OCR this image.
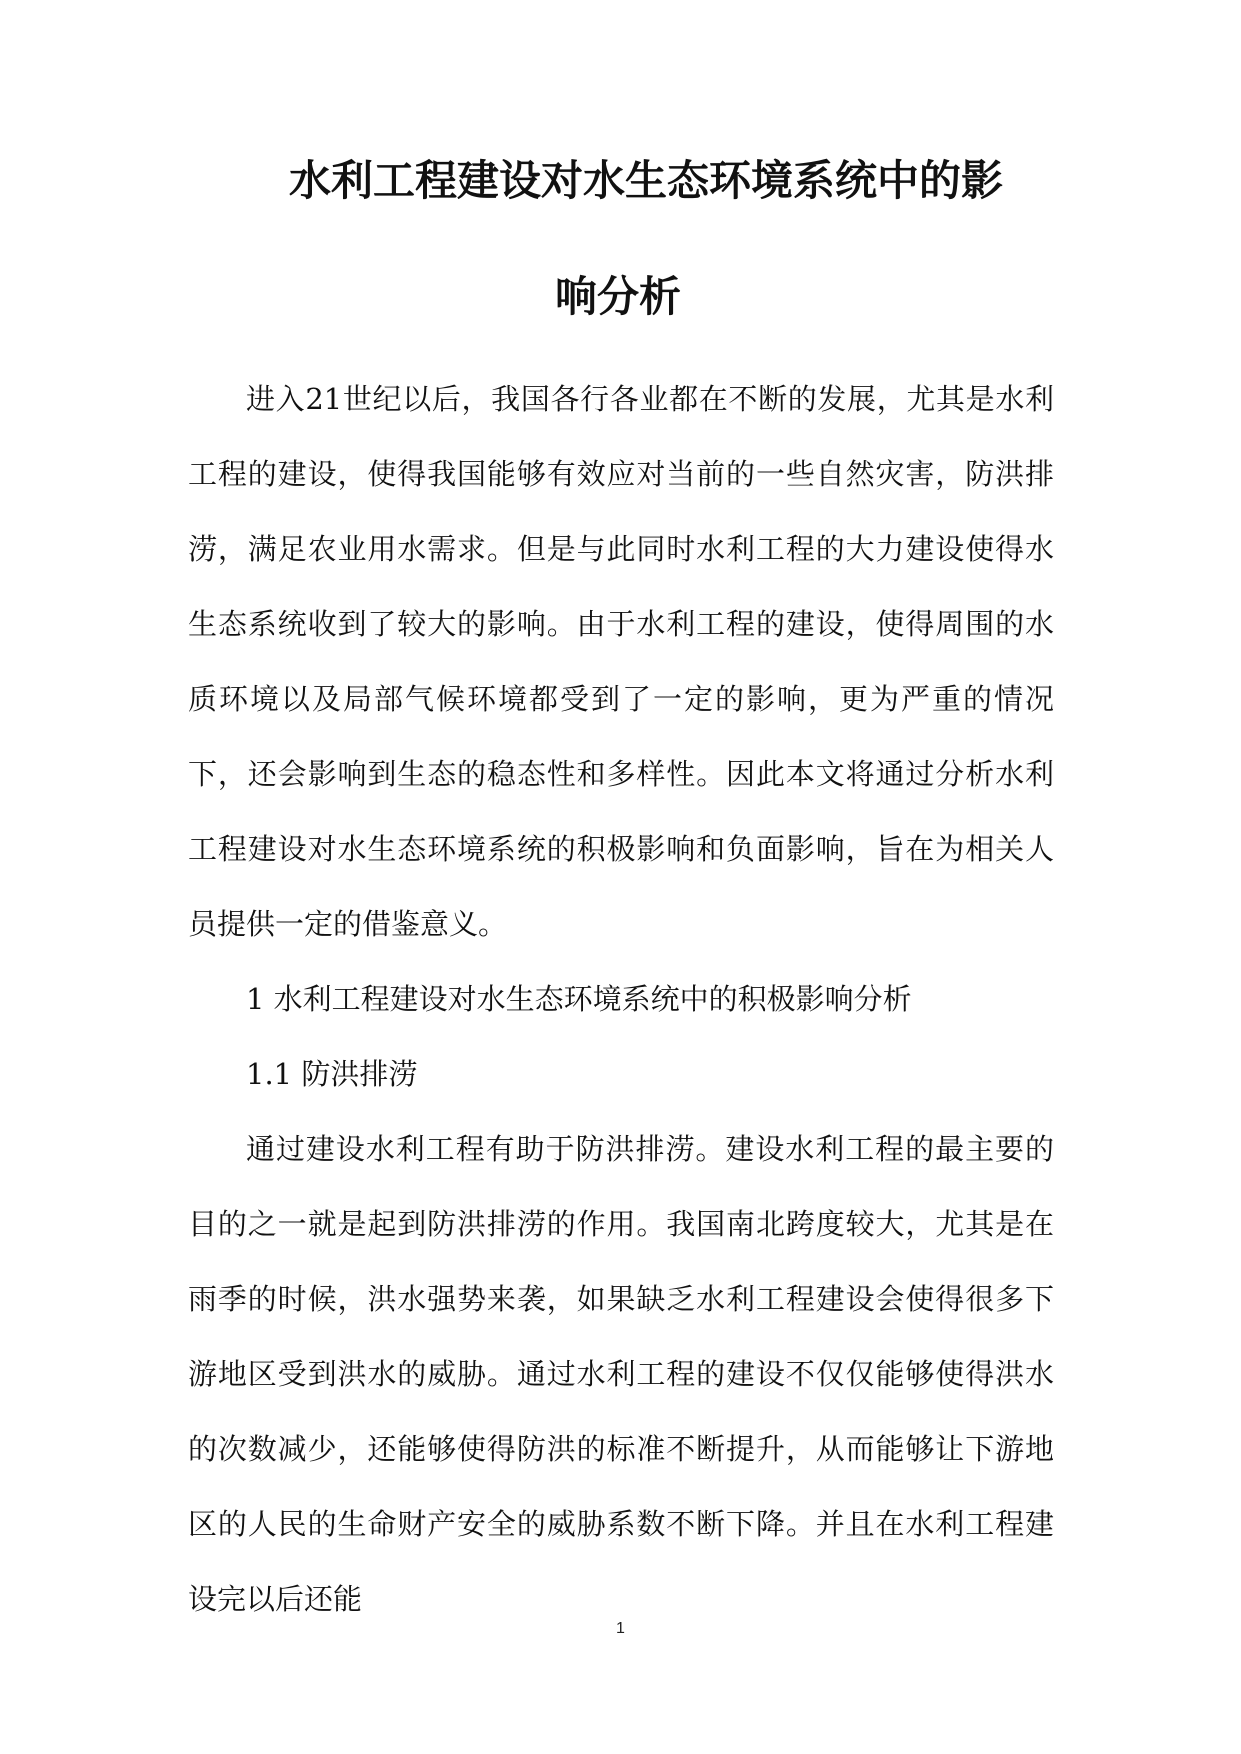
水利工程建设对水生态环境系统中的影
响分析

进入21世纪以后，我国各行各业都在不断的发展，尤其是水利工程的建设，使得我国能够有效应对当前的一些自然灾害，防洪排涝，满足农业用水需求。但是与此同时水利工程的大力建设使得水生态系统收到了较大的影响。由于水利工程的建设，使得周围的水质环境以及局部气候环境都受到了一定的影响，更为严重的情况下，还会影响到生态的稳态性和多样性。因此本文将通过分析水利工程建设对水生态环境系统的积极影响和负面影响，旨在为相关人员提供一定的借鉴意义。

1 水利工程建设对水生态环境系统中的积极影响分析

1.1 防洪排涝

通过建设水利工程有助于防洪排涝。建设水利工程的最主要的目的之一就是起到防洪排涝的作用。我国南北跨度较大，尤其是在雨季的时候，洪水强势来袭，如果缺乏水利工程建设会使得很多下游地区受到洪水的威胁。通过水利工程的建设不仅仅能够使得洪水的次数减少，还能够使得防洪的标准不断提升，从而能够让下游地区的人民的生命财产安全的威胁系数不断下降。并且在水利工程建设完以后还能

1
